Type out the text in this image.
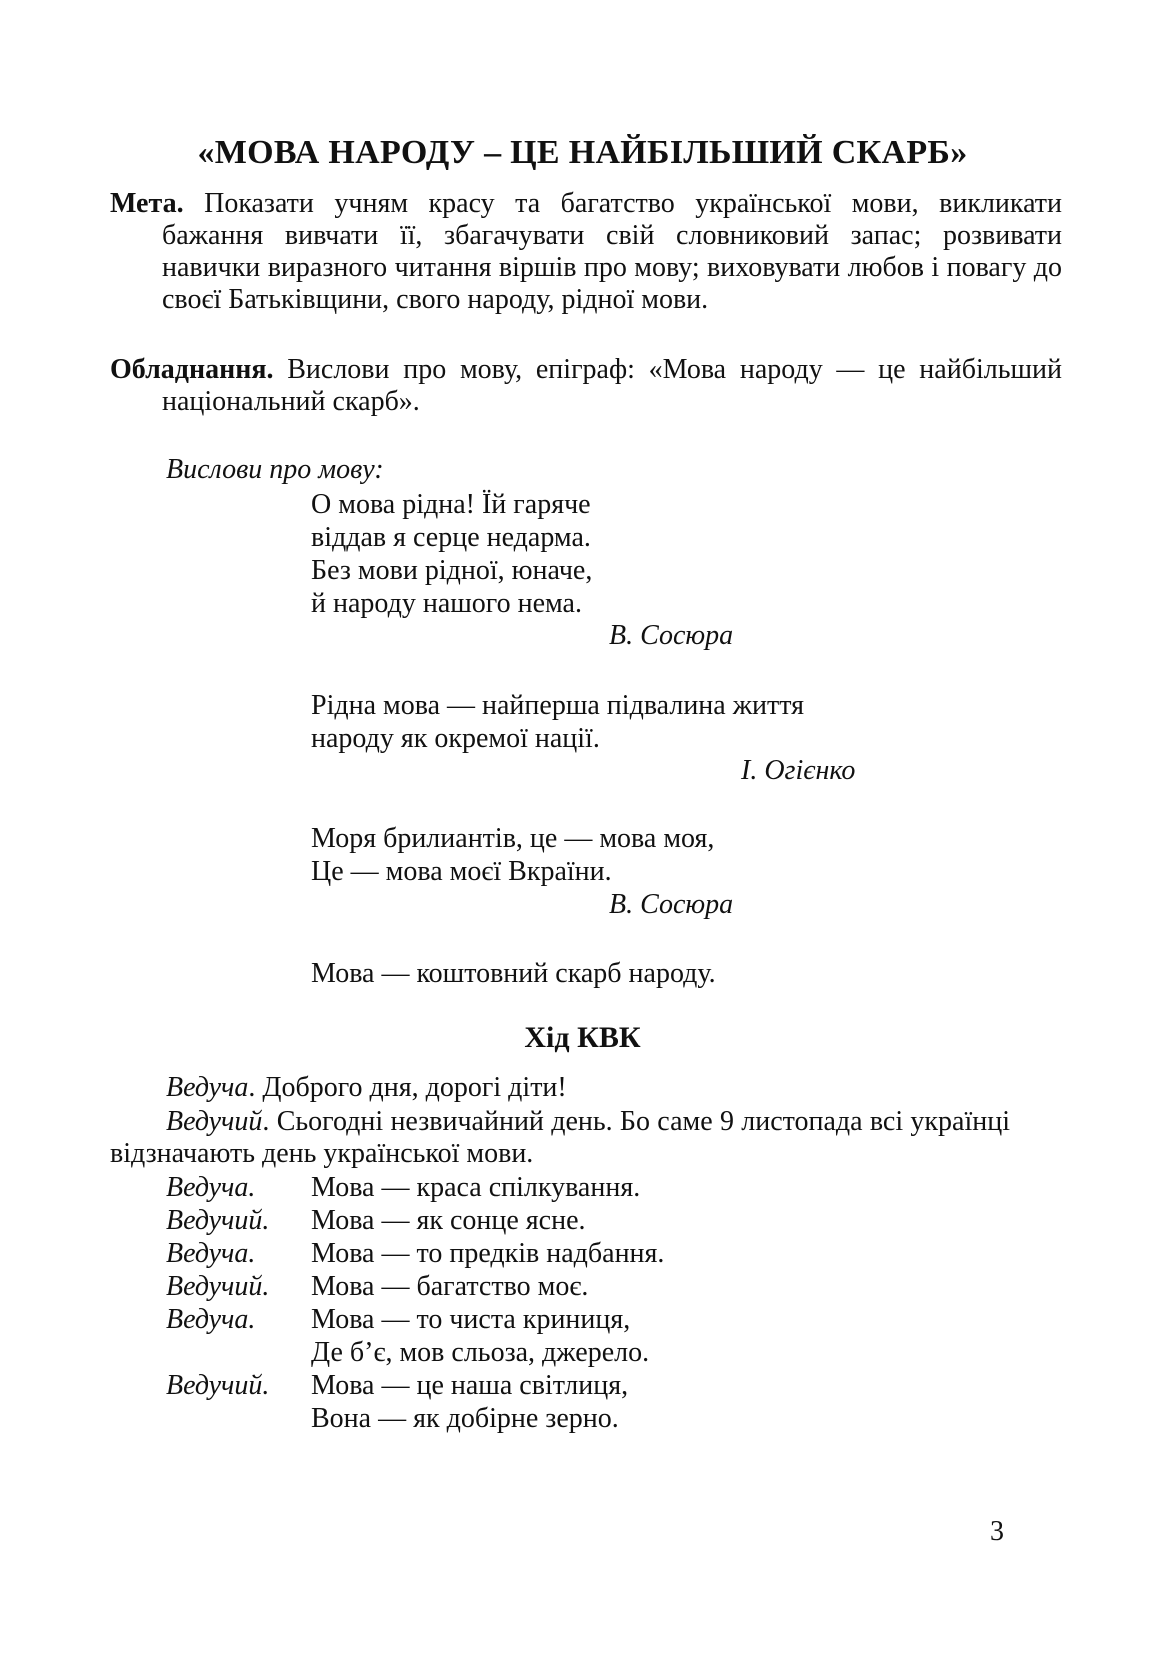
«МОВА НАРОДУ – ЦЕ НАЙБІЛЬШИЙ СКАРБ»
Мета. Показати учням красу та багатство української мови, викликати бажання вивчати її, збагачувати свій словниковий запас; розвивати навички виразного читання віршів про мову; виховувати любов і повагу до своєї Батьківщини, свого народу, рідної мови.
Обладнання. Вислови про мову, епіграф: «Мова народу — це найбільший національний скарб».
Вислови про мову:
О мова рідна! Їй гаряче
віддав я серце недарма.
Без мови рідної, юначе,
й народу нашого нема.
В. Сосюра
Рідна мова — найперша підвалина життя
народу як окремої нації.
І. Огієнко
Моря брилиантів, це — мова моя,
Це — мова моєї Вкраїни.
В. Сосюра
Мова — коштовний скарб народу.
Хід КВК
Ведуча. Доброго дня, дорогі діти!
Ведучий. Сьогодні незвичайний день. Бо саме 9 листопада всі українці відзначають день української мови.
Ведуча. Мова — краса спілкування.
Ведучий. Мова — як сонце ясне.
Ведуча. Мова — то предків надбання.
Ведучий. Мова — багатство моє.
Ведуча. Мова — то чиста криниця,
Де б’є, мов сльоза, джерело.
Ведучий. Мова — це наша світлиця,
Вона — як добірне зерно.
3
